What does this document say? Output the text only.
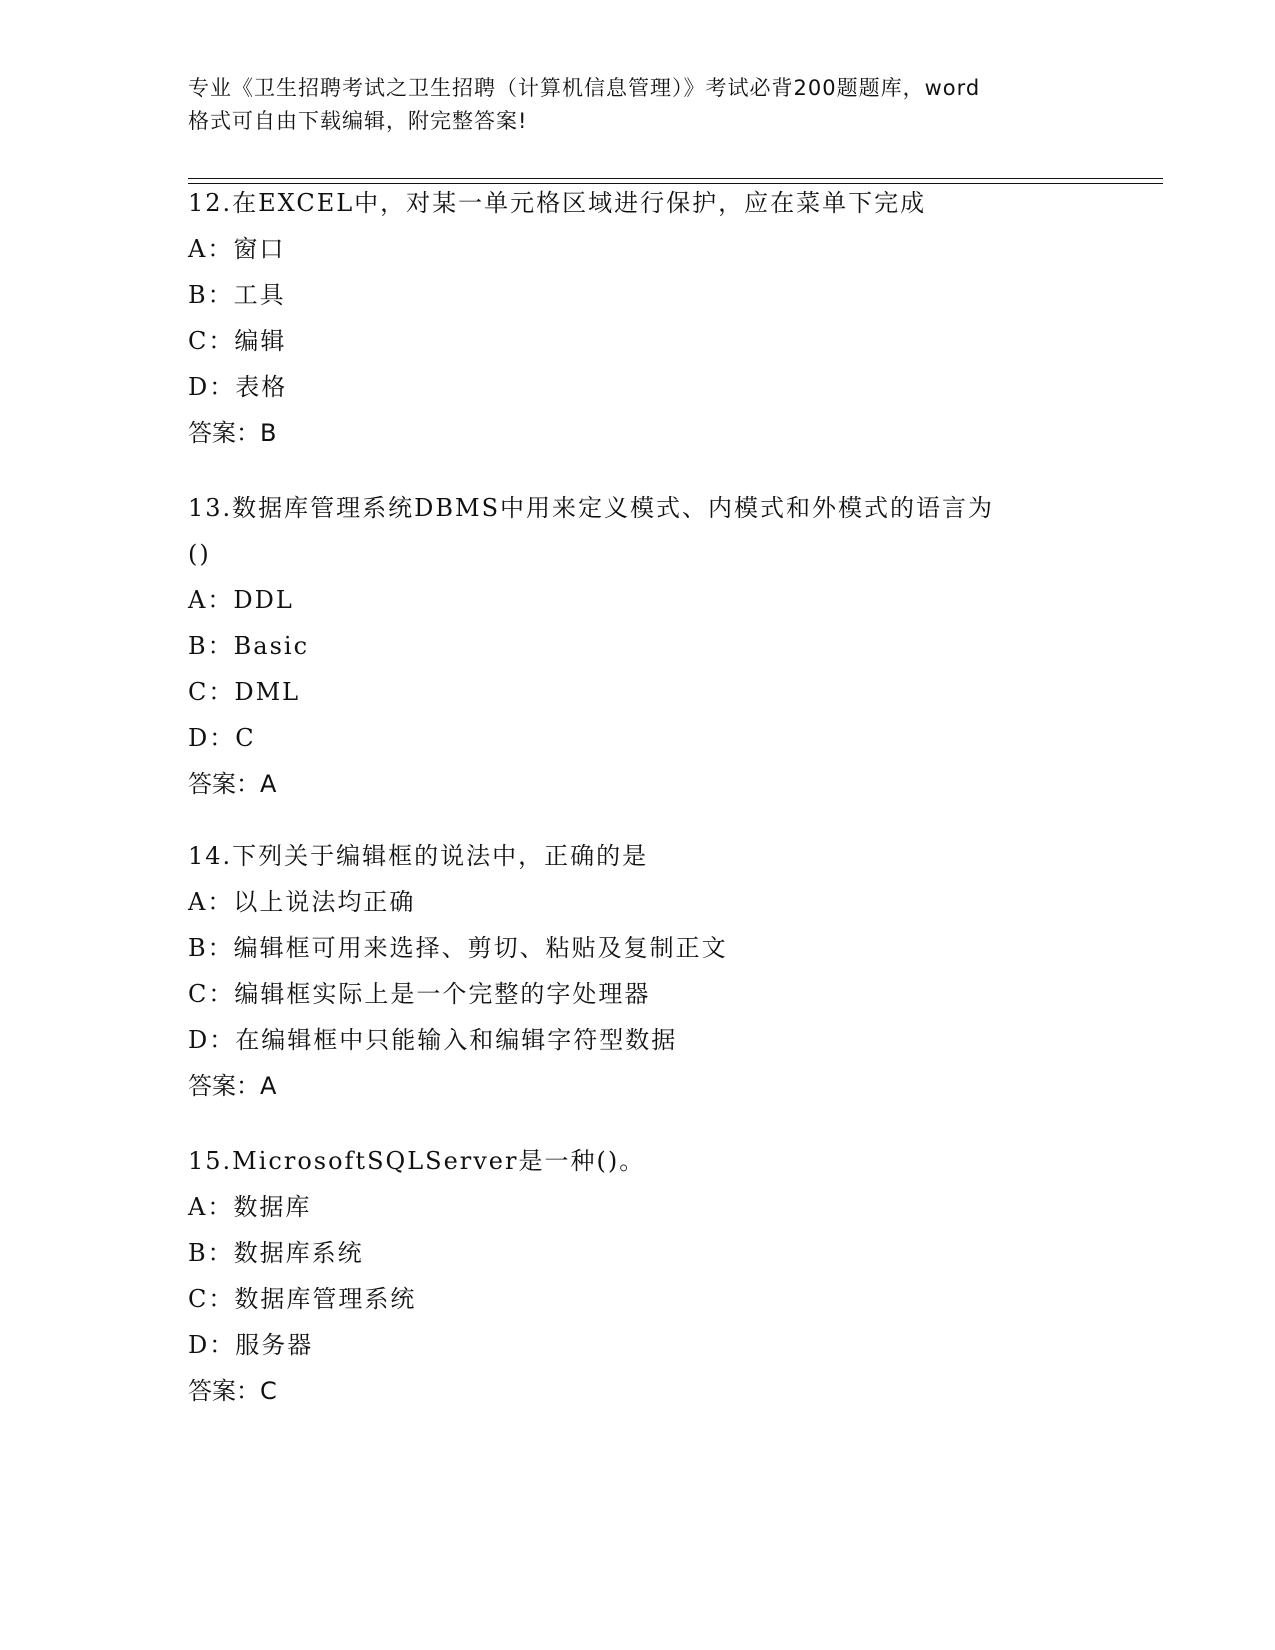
专业《卫生招聘考试之卫生招聘（计算机信息管理）》考试必背200题题库，word
格式可自由下载编辑，附完整答案!
12.在EXCEL中，对某一单元格区域进行保护，应在菜单下完成
A：窗口
B：工具
C：编辑
D：表格
答案：B
13.数据库管理系统DBMS中用来定义模式、内模式和外模式的语言为
()
A：DDL
B：Basic
C：DML
D：C
答案：A
14.下列关于编辑框的说法中，正确的是
A：以上说法均正确
B：编辑框可用来选择、剪切、粘贴及复制正文
C：编辑框实际上是一个完整的字处理器
D：在编辑框中只能输入和编辑字符型数据
答案：A
15.MicrosoftSQLServer是一种()。
A：数据库
B：数据库系统
C：数据库管理系统
D：服务器
答案：C
